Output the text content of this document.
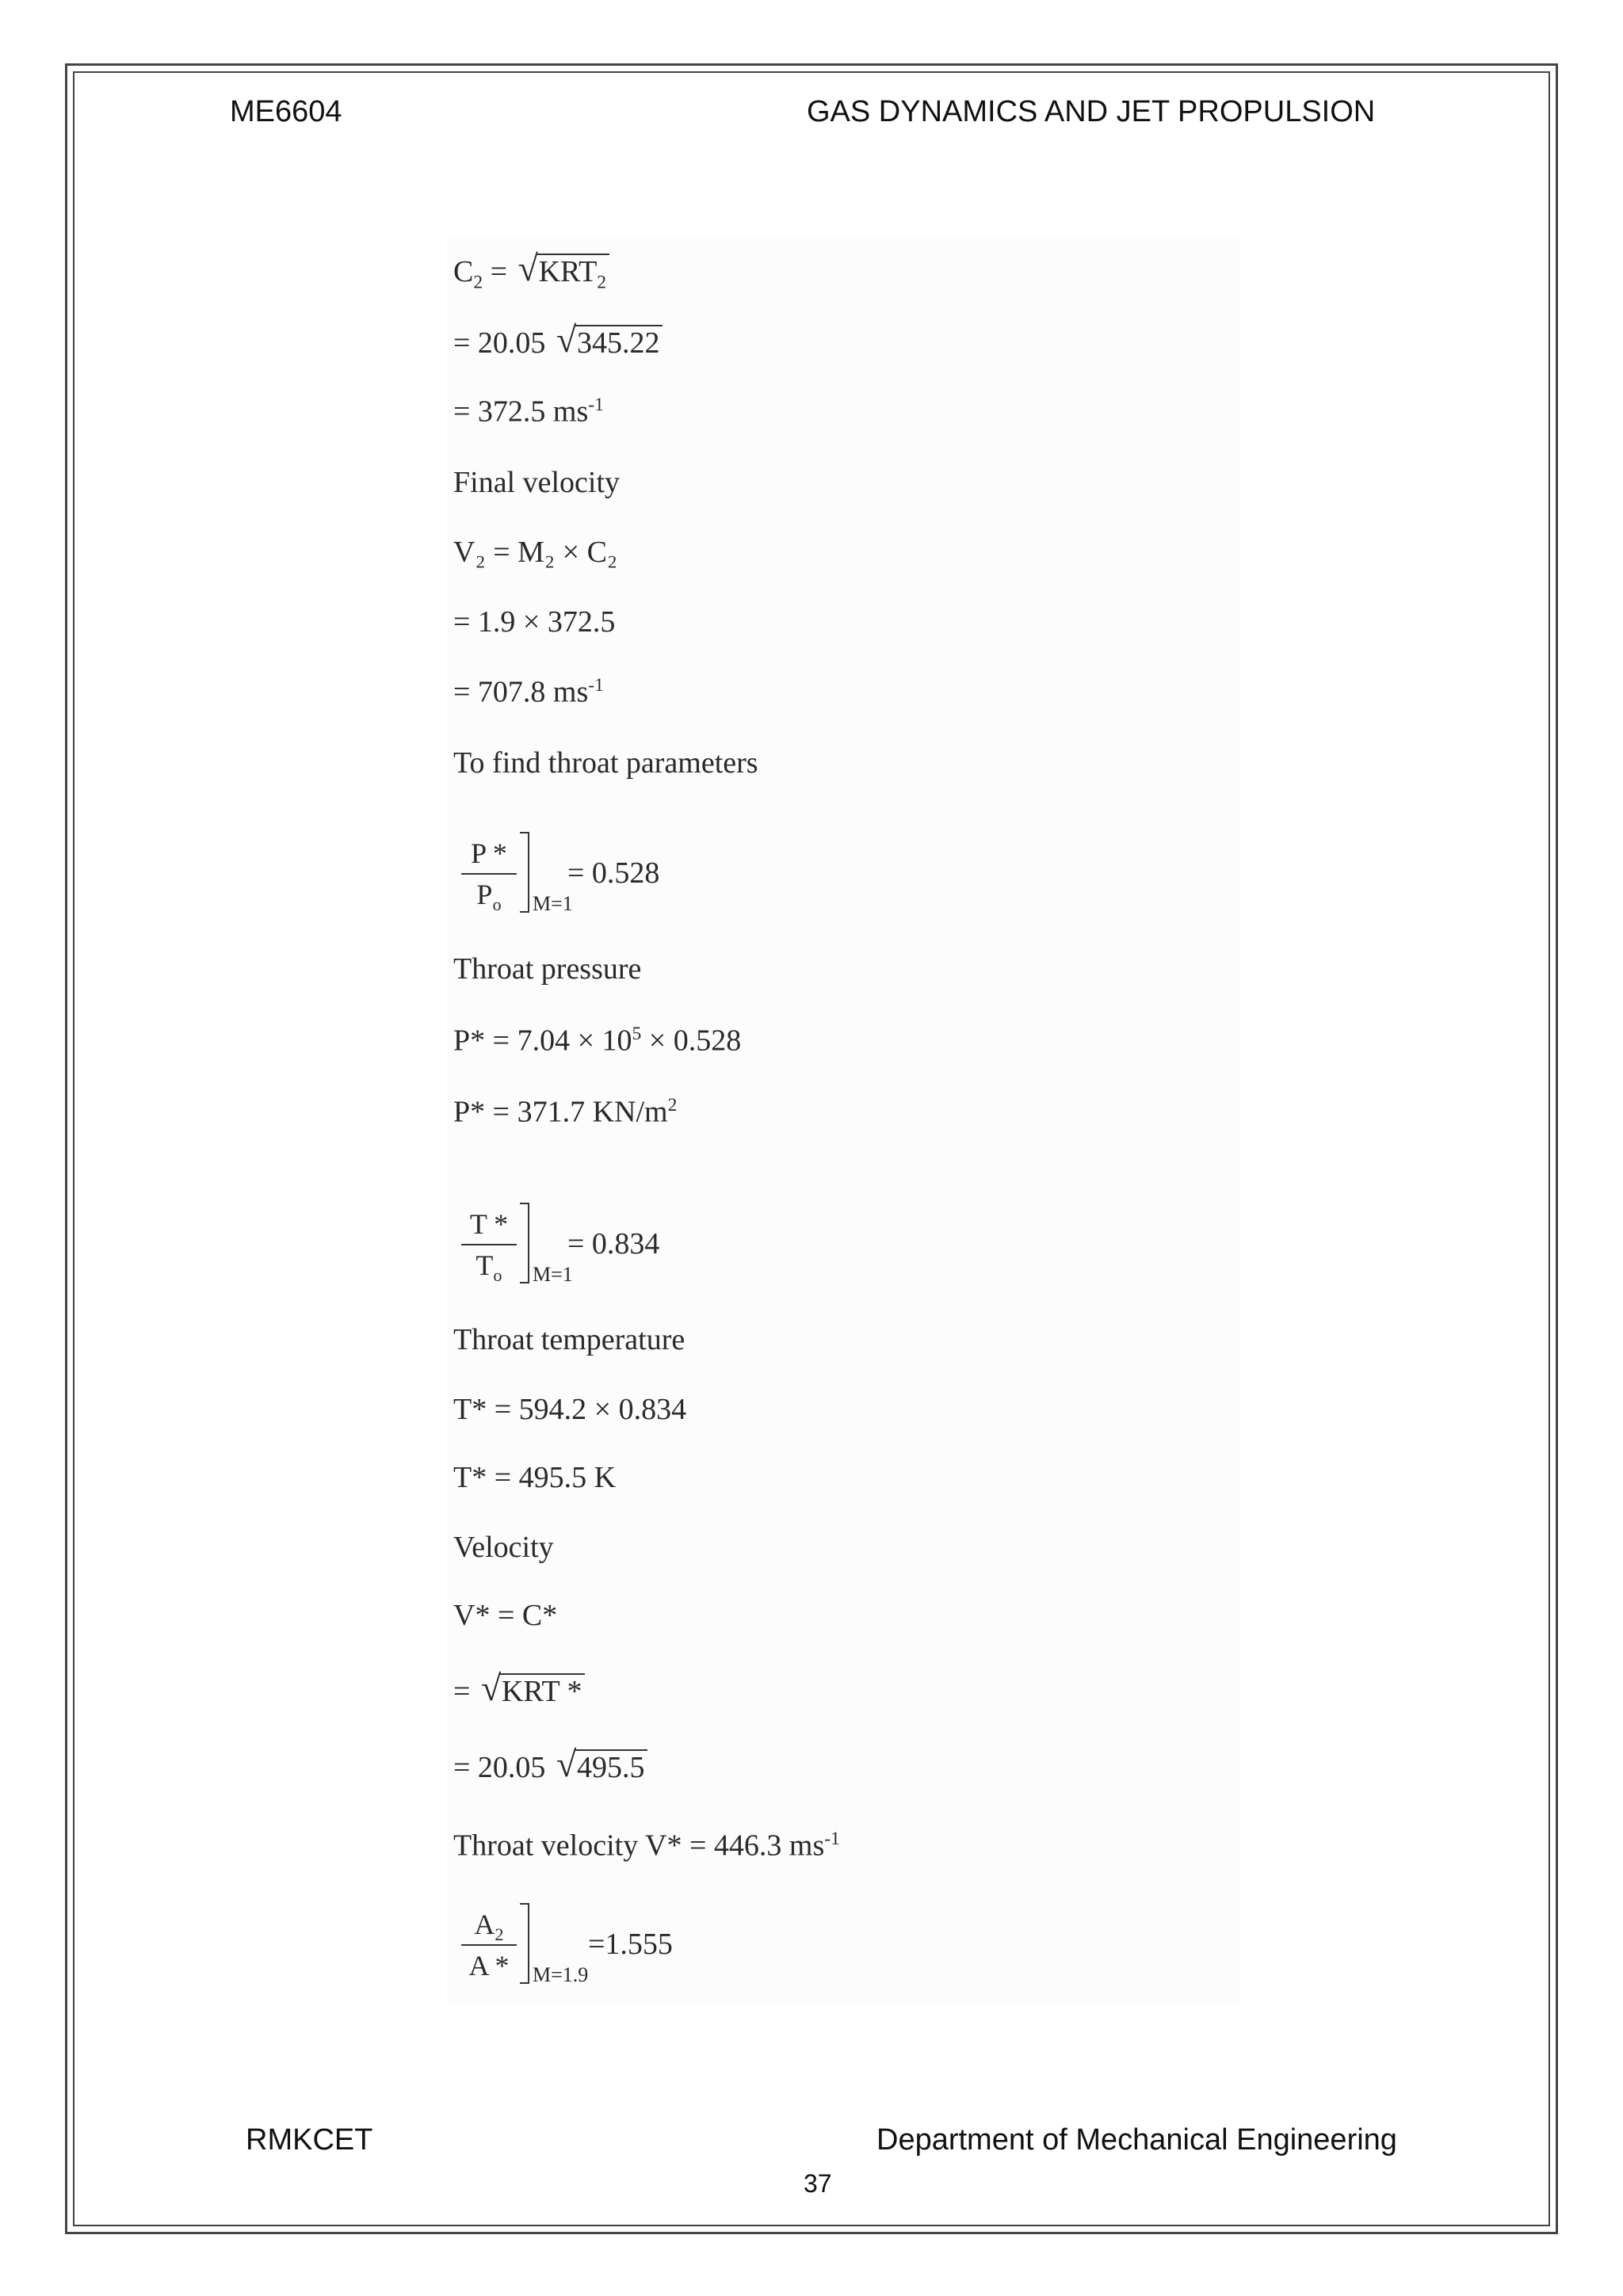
ME6604	GAS DYNAMICS AND JET PROPULSION
$C_2$ = √ $KRT_2$
= 20.05 √ 345.22
= 372.5 $ms^{-1}$
Final velocity
V₂ = M₂ × C₂
= 1.9 × 372.5
= 707.8 $ms^{-1}$
To find throat parameters
P *
$P_o$	M=1
= 0.528
Throat pressure
$P* = 7.04 \times 10^5 \times 0.528$
P* = 371.7 $KN/m^2$
T *
$T_o$	M=1
= 0.834
Throat temperature
T* = 594.2 × 0.834
T* = 495.5 K
Velocity
V* = C*
= √ KRT *
= 20.05 √ 495.5
Throat velocity V* = 446.3 $ms^{-1}$
$A_2$
A *	M=1.9
=1.555
RMKCET	Department of Mechanical Engineering
37
